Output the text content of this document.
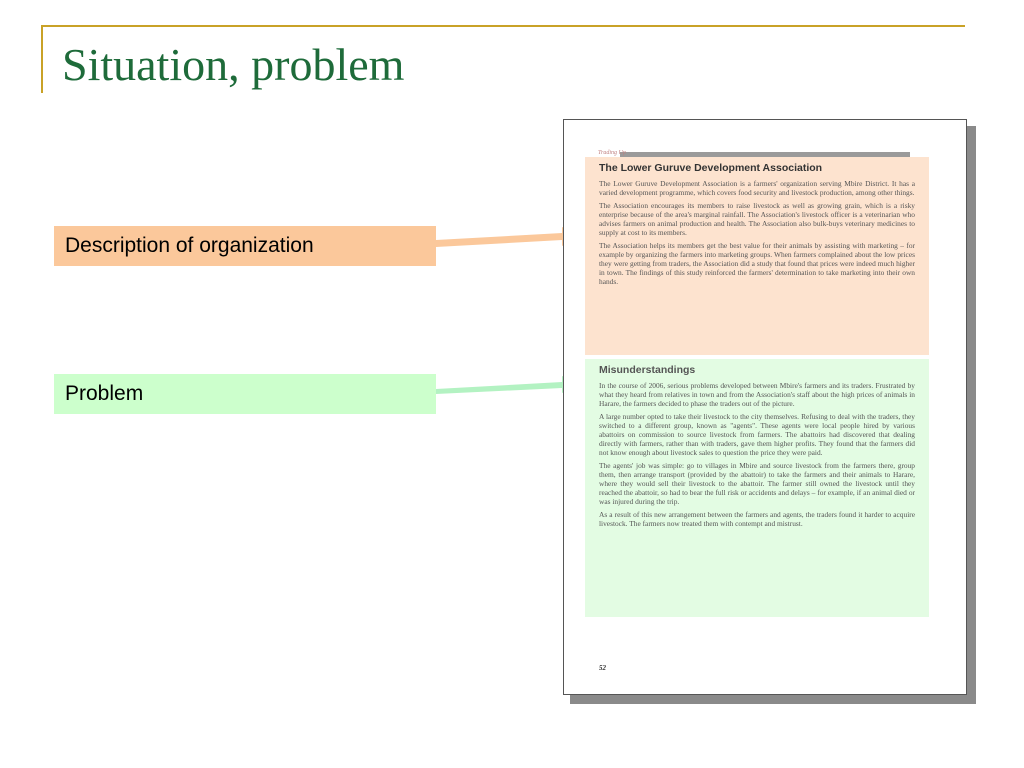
Situation, problem
Description of organization
Problem
Trading Up
The Lower Guruve Development Association

The Lower Guruve Development Association is a farmers' organization serving Mbire District. It has a varied development programme, which covers food security and livestock production, among other things.

The Association encourages its members to raise livestock as well as growing grain, which is a risky enterprise because of the area's marginal rainfall. The Association's livestock officer is a veterinarian who advises farmers on animal production and health. The Association also bulk-buys veterinary medicines to supply at cost to its members.

The Association helps its members get the best value for their animals by assisting with marketing – for example by organizing the farmers into marketing groups. When farmers complained about the low prices they were getting from traders, the Association did a study that found that prices were indeed much higher in town. The findings of this study reinforced the farmers' determination to take marketing into their own hands.

Misunderstandings

In the course of 2006, serious problems developed between Mbire's farmers and its traders. Frustrated by what they heard from relatives in town and from the Association's staff about the high prices of animals in Harare, the farmers decided to phase the traders out of the picture.

A large number opted to take their livestock to the city themselves. Refusing to deal with the traders, they switched to a different group, known as "agents". These agents were local people hired by various abattoirs on commission to source livestock from farmers. The abattoirs had discovered that dealing directly with farmers, rather than with traders, gave them higher profits. They found that the farmers did not know enough about livestock sales to question the price they were paid.

The agents' job was simple: go to villages in Mbire and source livestock from the farmers there, group them, then arrange transport (provided by the abattoir) to take the farmers and their animals to Harare, where they would sell their livestock to the abattoir. The farmer still owned the livestock until they reached the abattoir, so had to bear the full risk or accidents and delays – for example, if an animal died or was injured during the trip.

As a result of this new arrangement between the farmers and agents, the traders found it harder to acquire livestock. The farmers now treated them with contempt and mistrust.

52
